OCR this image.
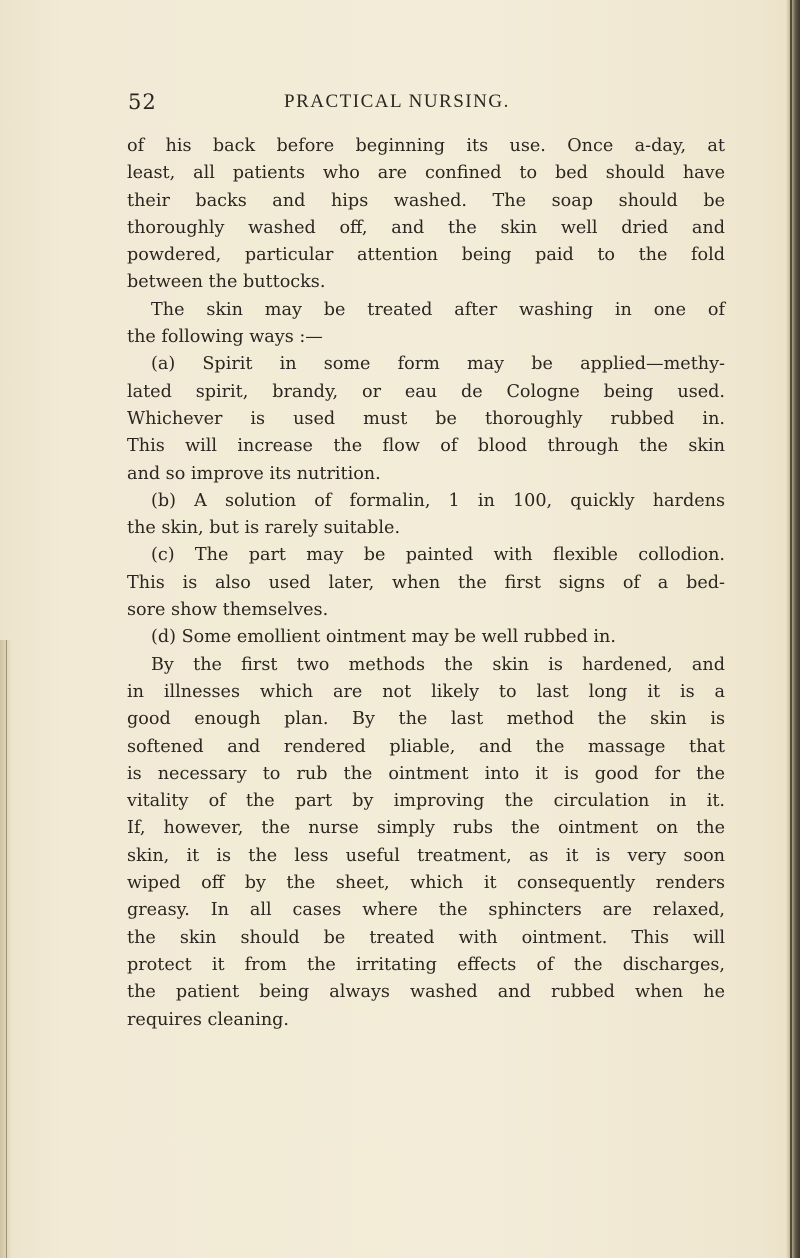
52	PRACTICAL NURSING.
of his back before beginning its use. Once a-day, at
least, all patients who are confined to bed should have
their backs and hips washed. The soap should be
thoroughly washed off, and the skin well dried and
powdered, particular attention being paid to the fold
between the buttocks.
The skin may be treated after washing in one of
the following ways :—
(a) Spirit in some form may be applied—methy-
lated spirit, brandy, or eau de Cologne being used.
Whichever is used must be thoroughly rubbed in.
This will increase the flow of blood through the skin
and so improve its nutrition.
(b) A solution of formalin, 1 in 100, quickly hardens
the skin, but is rarely suitable.
(c) The part may be painted with flexible collodion.
This is also used later, when the first signs of a bed-
sore show themselves.
(d) Some emollient ointment may be well rubbed in.
By the first two methods the skin is hardened, and
in illnesses which are not likely to last long it is a
good enough plan. By the last method the skin is
softened and rendered pliable, and the massage that
is necessary to rub the ointment into it is good for the
vitality of the part by improving the circulation in it.
If, however, the nurse simply rubs the ointment on the
skin, it is the less useful treatment, as it is very soon
wiped off by the sheet, which it consequently renders
greasy. In all cases where the sphincters are relaxed,
the skin should be treated with ointment. This will
protect it from the irritating effects of the discharges,
the patient being always washed and rubbed when he
requires cleaning.
